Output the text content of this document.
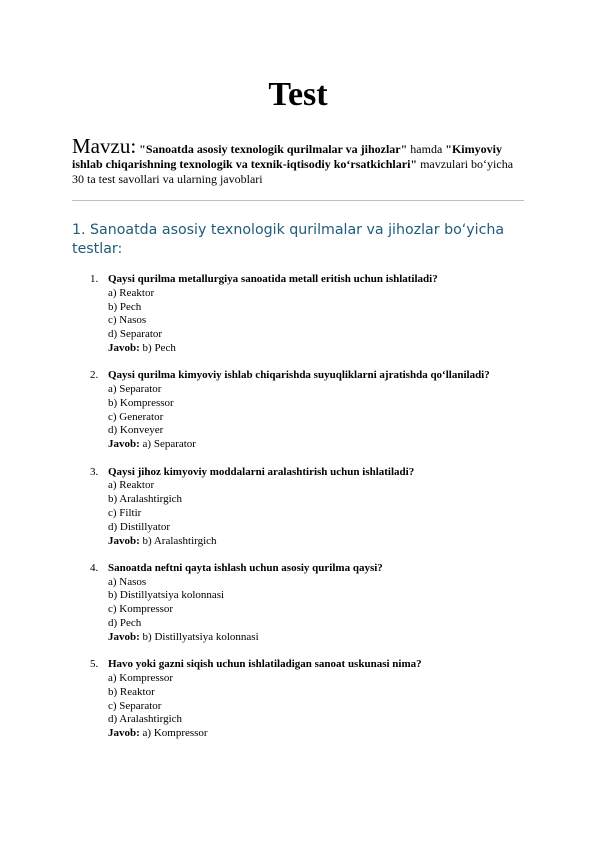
Test
Mavzu: "Sanoatda asosiy texnologik qurilmalar va jihozlar" hamda "Kimyoviy ishlab chiqarishning texnologik va texnik-iqtisodiy ko‘rsatkichlari" mavzulari bo‘yicha 30 ta test savollari va ularning javoblari
1. Sanoatda asosiy texnologik qurilmalar va jihozlar bo‘yicha testlar:
1. Qaysi qurilma metallurgiya sanoatida metall eritish uchun ishlatiladi?
a) Reaktor
b) Pech
c) Nasos
d) Separator
Javob: b) Pech
2. Qaysi qurilma kimyoviy ishlab chiqarishda suyuqliklarni ajratishda qo‘llaniladi?
a) Separator
b) Kompressor
c) Generator
d) Konveyer
Javob: a) Separator
3. Qaysi jihoz kimyoviy moddalarni aralashtirish uchun ishlatiladi?
a) Reaktor
b) Aralashtirgich
c) Filtir
d) Distillyator
Javob: b) Aralashtirgich
4. Sanoatda neftni qayta ishlash uchun asosiy qurilma qaysi?
a) Nasos
b) Distillyatsiya kolonnasi
c) Kompressor
d) Pech
Javob: b) Distillyatsiya kolonnasi
5. Havo yoki gazni siqish uchun ishlatiladigan sanoat uskunasi nima?
a) Kompressor
b) Reaktor
c) Separator
d) Aralashtirgich
Javob: a) Kompressor
